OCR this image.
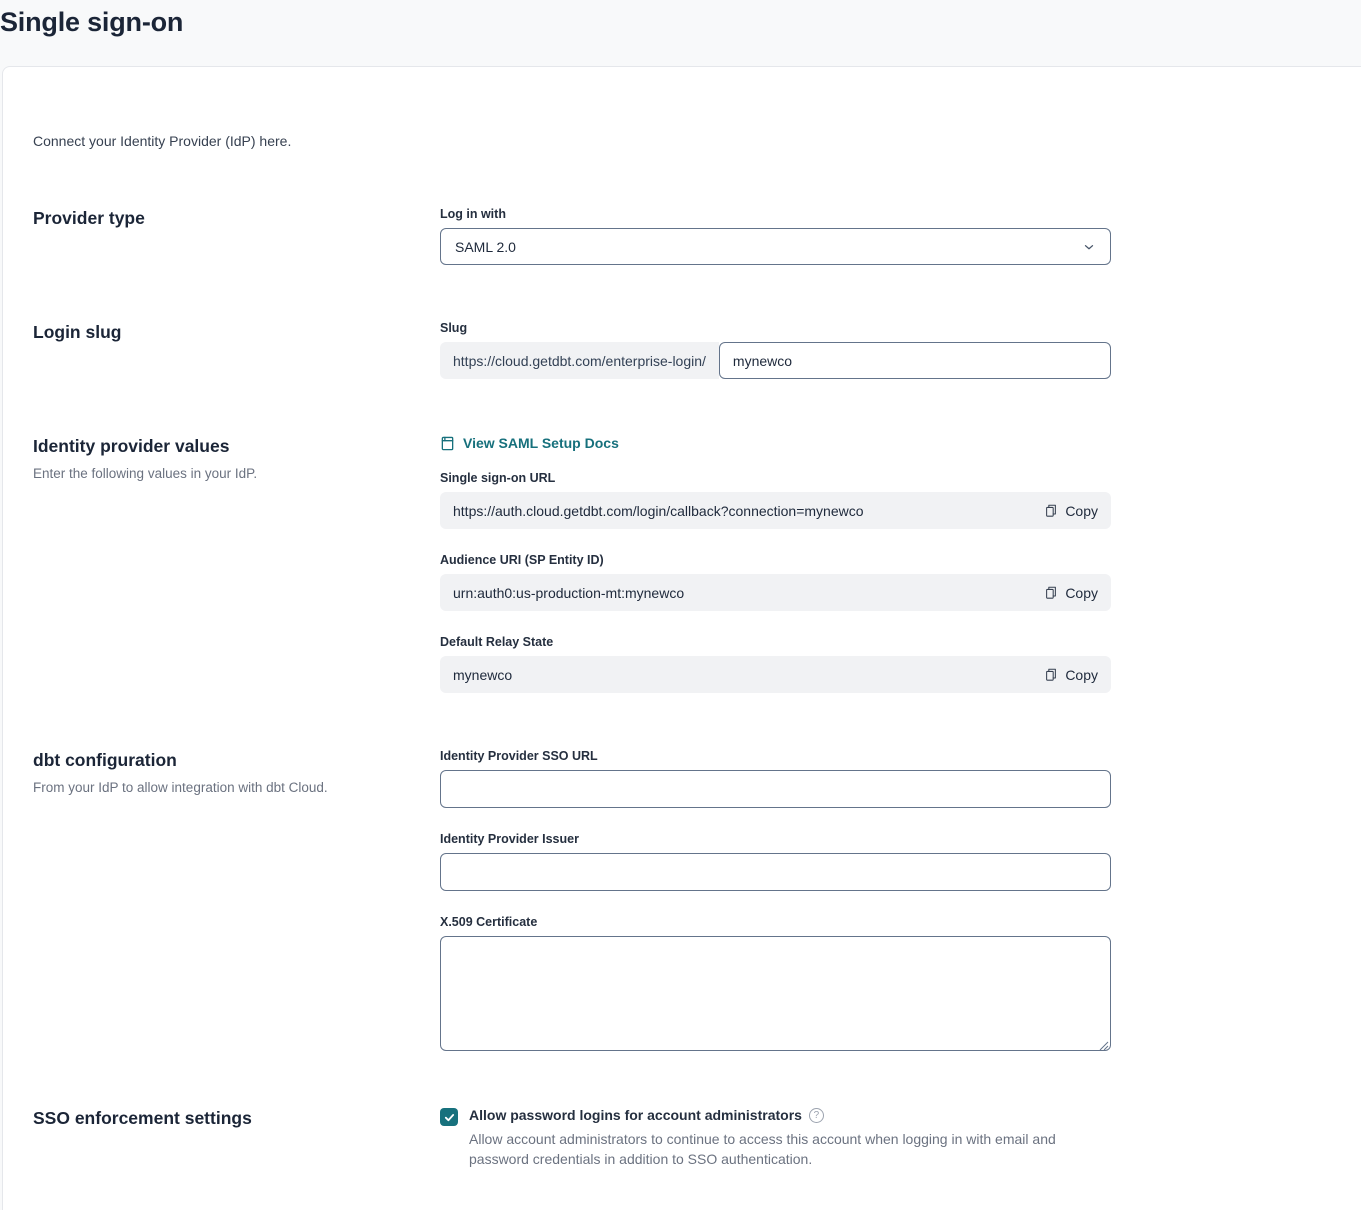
Single sign-on

Connect your Identity Provider (IdP) here.

Provider type	Log in with
SAML 2.0
Login slug	Slug
https://cloud.getdbt.com/enterprise-login/
mynewco
Identity provider values

Enter the following values in your IdP.

View SAML Setup Docs
Single sign-on URL
https://auth.cloud.getdbt.com/login/callback?connection=mynewco	Copy
Audience URI (SP Entity ID)
urn:auth0:us-production-mt:mynewco	Copy
Default Relay State
mynewco	Copy
dbt configuration

From your IdP to allow integration with dbt Cloud.

Identity Provider SSO URL
Identity Provider Issuer
X.509 Certificate
SSO enforcement settings	Allow password logins for account administrators	?

Allow account administrators to continue to access this account when logging in with email and password credentials in addition to SSO authentication.
